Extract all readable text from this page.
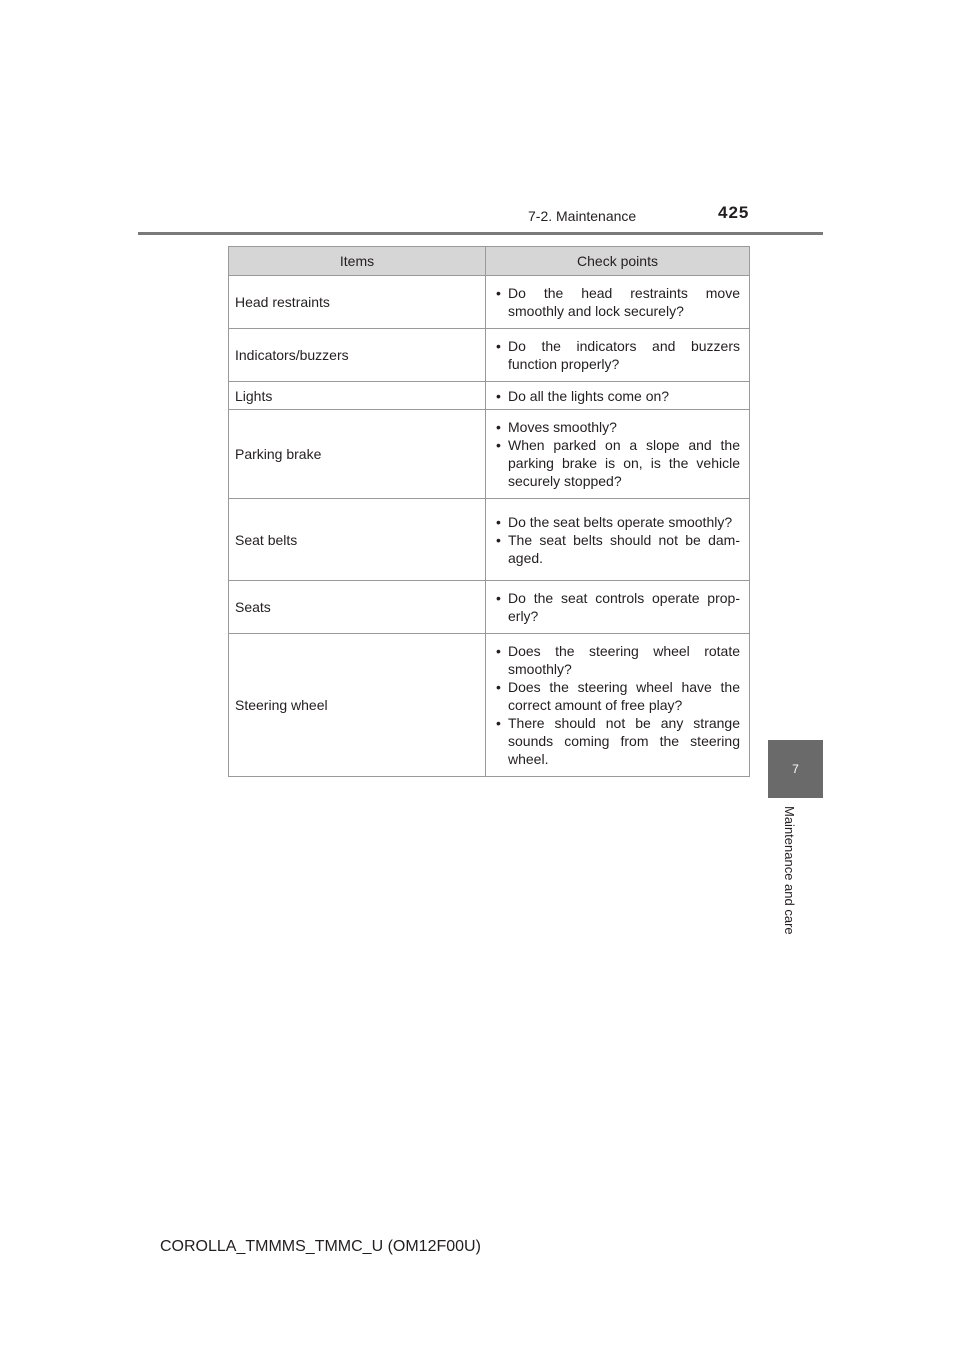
7-2. Maintenance	425
7
Maintenance and care
Items	Check points
Head restraints	• Do the head restraints move smoothly and lock securely?

Indicators/buzzers	• Do the indicators and buzzers function properly?

Lights	• Do all the lights come on?

Parking brake	• Moves smoothly?
• When parked on a slope and the parking brake is on, is the vehicle securely stopped?

Seat belts	• Do the seat belts operate smoothly?
• The seat belts should not be dam-aged.

Seats	• Do the seat controls operate prop-erly?

Steering wheel	• Does the steering wheel rotate smoothly?
• Does the steering wheel have the correct amount of free play?
• There should not be any strange sounds coming from the steering wheel.
COROLLA_TMMMS_TMMC_U (OM12F00U)
